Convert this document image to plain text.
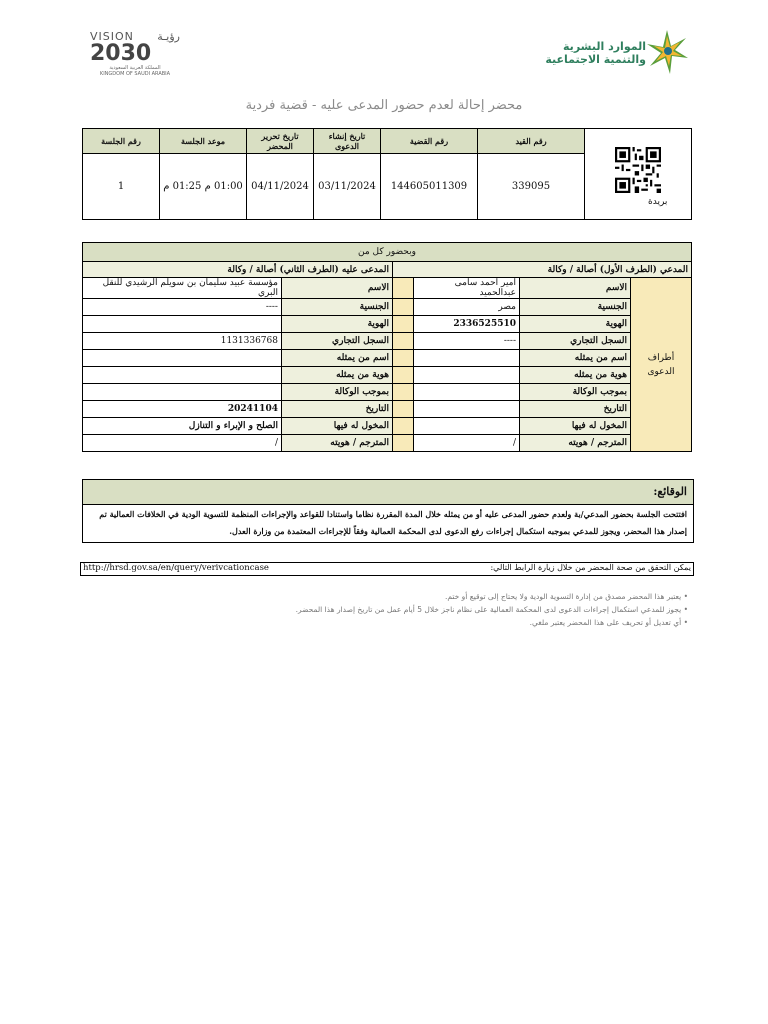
الموارد البشرية
والتنمية الاجتماعية
VISION رؤيـة
2030
المملكة العربية السعودية
KINGDOM OF SAUDI ARABIA
محضر إحالة لعدم حضور المدعى عليه - قضية فردية
رقم الجلسة	موعد الجلسة	تاريخ تحرير المحضر	تاريخ إنشاء الدعوى	رقم القضية	رقم القيد	بريدة

1	01:00 م 01:25 م	04/11/2024	03/11/2024	144605011309	339095	
وبحضور كل من					
المدعى عليه (الطرف الثاني) أصالة / وكالة		المدعي (الطرف الأول) أصالة / وكالة			
مؤسسة عبيد سليمان بن سويلم الرشيدي للنقل البري	الاسم		امير احمد سامى عبدالحميد	الاسم	أطراف الدعوى
----	الجنسية		مصر	الجنسية	
	الهوية		2336525510	الهوية	
1131336768	السجل التجاري		----	السجل التجاري	
	اسم من يمثله			اسم من يمثله	
	هوية من يمثله			هوية من يمثله	
	بموجب الوكالة			بموجب الوكالة	
20241104	التاريخ			التاريخ	
الصلح و الإبراء و التنازل	المخول له فيها			المخول له فيها	
/	المترجم / هويته		/	المترجم / هويته	
الوقائع:
افتتحت الجلسة بحضور المدعي/بة ولعدم حضور المدعى عليه أو من يمثله خلال المدة المقررة نظاما واستنادا للقواعد والإجراءات المنظمة للتسوية الودية في الخلافات العمالية تم إصدار هذا المحضر، ويجوز للمدعي بموجبه استكمال إجراءات رفع الدعوى لدى المحكمة العمالية وفقاً للإجراءات المعتمدة من وزارة العدل.
http://hrsd.gov.sa/en/query/verivcationcase	يمكن التحقق من صحة المحضر من خلال زيارة الرابط التالي:
• يعتبر هذا المحضر مصدق من إدارة التسوية الودية ولا يحتاج إلى توقيع أو ختم.
• يجوز للمدعي استكمال إجراءات الدعوى لدى المحكمة العمالية على نظام ناجز خلال 5 أيام عمل من تاريخ إصدار هذا المحضر.
• أي تعديل أو تحريف على هذا المحضر يعتبر ملغي.
